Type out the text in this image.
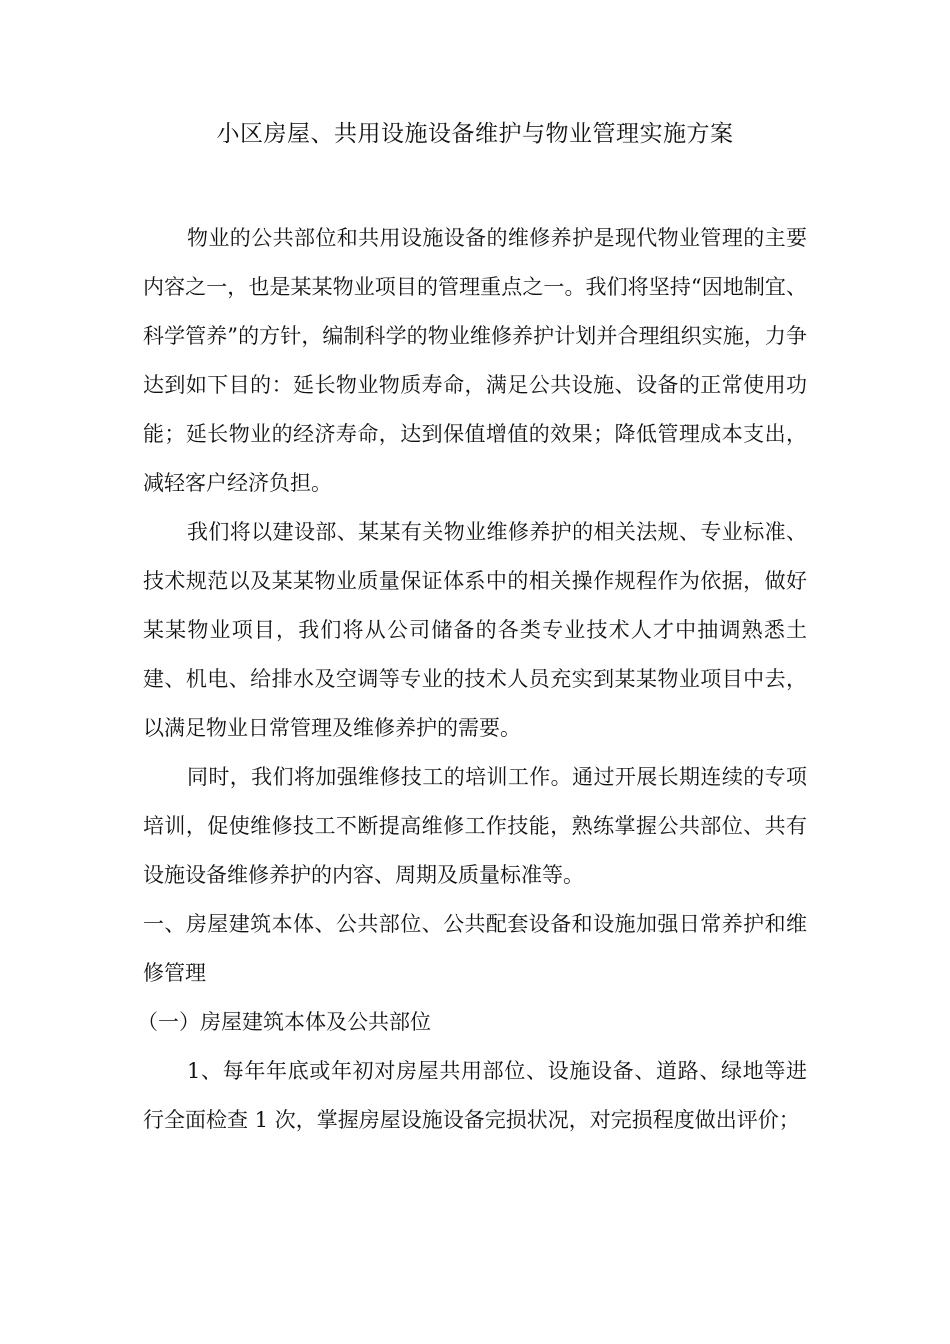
小区房屋、共用设施设备维护与物业管理实施方案

物业的公共部位和共用设施设备的维修养护是现代物业管理的主要内容之一，也是某某物业项目的管理重点之一。我们将坚持“因地制宜、科学管养”的方针，编制科学的物业维修养护计划并合理组织实施，力争达到如下目的：延长物业物质寿命，满足公共设施、设备的正常使用功能；延长物业的经济寿命，达到保值增值的效果；降低管理成本支出，减轻客户经济负担。

我们将以建设部、某某有关物业维修养护的相关法规、专业标准、技术规范以及某某物业质量保证体系中的相关操作规程作为依据，做好某某物业项目，我们将从公司储备的各类专业技术人才中抽调熟悉土建、机电、给排水及空调等专业的技术人员充实到某某物业项目中去，以满足物业日常管理及维修养护的需要。

同时，我们将加强维修技工的培训工作。通过开展长期连续的专项培训，促使维修技工不断提高维修工作技能，熟练掌握公共部位、共有设施设备维修养护的内容、周期及质量标准等。

一、房屋建筑本体、公共部位、公共配套设备和设施加强日常养护和维修管理

（一）房屋建筑本体及公共部位

1、每年年底或年初对房屋共用部位、设施设备、道路、绿地等进行全面检查 1 次，掌握房屋设施设备完损状况，对完损程度做出评价；
